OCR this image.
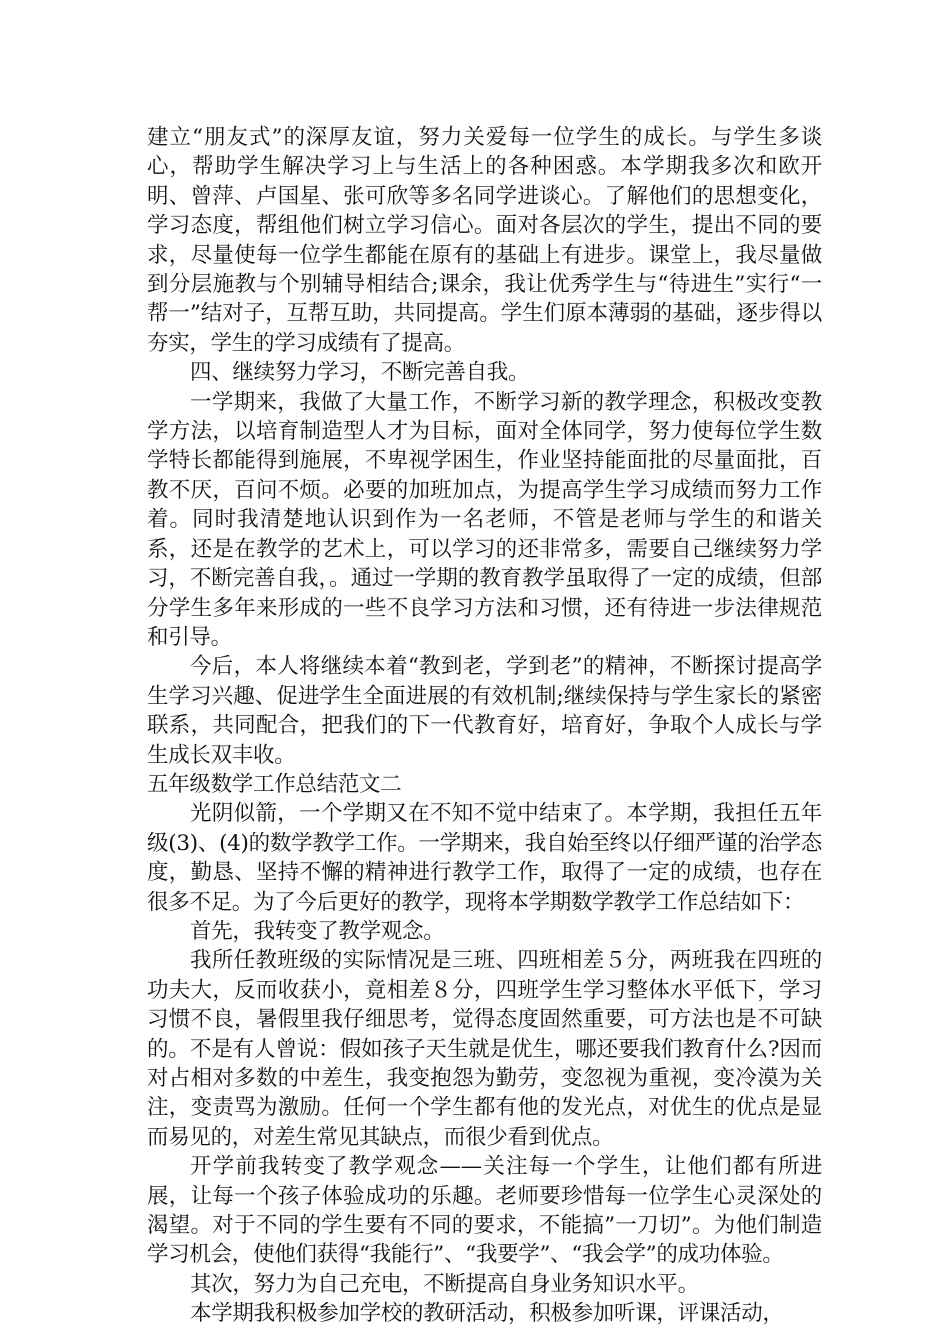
建立“朋友式”的深厚友谊，努力关爱每一位学生的成长。与学生多谈心，帮助学生解决学习上与生活上的各种困惑。本学期我多次和欧开明、曾萍、卢国星、张可欣等多名同学进谈心。了解他们的思想变化，学习态度，帮组他们树立学习信心。面对各层次的学生，提出不同的要求，尽量使每一位学生都能在原有的基础上有进步。课堂上，我尽量做到分层施教与个别辅导相结合;课余，我让优秀学生与“待进生”实行“一帮一”结对子，互帮互助，共同提高。学生们原本薄弱的基础，逐步得以夯实，学生的学习成绩有了提高。

四、继续努力学习，不断完善自我。

一学期来，我做了大量工作，不断学习新的教学理念，积极改变教学方法，以培育制造型人才为目标，面对全体同学，努力使每位学生数学特长都能得到施展，不卑视学困生，作业坚持能面批的尽量面批，百教不厌，百问不烦。必要的加班加点，为提高学生学习成绩而努力工作着。同时我清楚地认识到作为一名老师，不管是老师与学生的和谐关系，还是在教学的艺术上，可以学习的还非常多，需要自己继续努力学习，不断完善自我，。通过一学期的教育教学虽取得了一定的成绩，但部分学生多年来形成的一些不良学习方法和习惯，还有待进一步法律规范和引导。

今后，本人将继续本着“教到老，学到老”的精神，不断探讨提高学生学习兴趣、促进学生全面进展的有效机制;继续保持与学生家长的紧密联系，共同配合，把我们的下一代教育好，培育好，争取个人成长与学生成长双丰收。

五年级数学工作总结范文二

光阴似箭，一个学期又在不知不觉中结束了。本学期，我担任五年级(3)、(4)的数学教学工作。一学期来，我自始至终以仔细严谨的治学态度，勤恳、坚持不懈的精神进行教学工作，取得了一定的成绩，也存在很多不足。为了今后更好的教学，现将本学期数学教学工作总结如下：

首先，我转变了教学观念。

我所任教班级的实际情况是三班、四班相差５分，两班我在四班的功夫大，反而收获小，竟相差８分，四班学生学习整体水平低下，学习习惯不良，暑假里我仔细思考，觉得态度固然重要，可方法也是不可缺的。不是有人曾说：假如孩子天生就是优生，哪还要我们教育什么?因而对占相对多数的中差生，我变抱怨为勤劳，变忽视为重视，变冷漠为关注，变责骂为激励。任何一个学生都有他的发光点，对优生的优点是显而易见的，对差生常见其缺点，而很少看到优点。

开学前我转变了教学观念——关注每一个学生，让他们都有所进展，让每一个孩子体验成功的乐趣。老师要珍惜每一位学生心灵深处的渴望。对于不同的学生要有不同的要求，不能搞”一刀切”。为他们制造学习机会，使他们获得“我能行”、“我要学”、“我会学”的成功体验。

其次，努力为自己充电，不断提高自身业务知识水平。

本学期我积极参加学校的教研活动，积极参加听课，评课活动，
